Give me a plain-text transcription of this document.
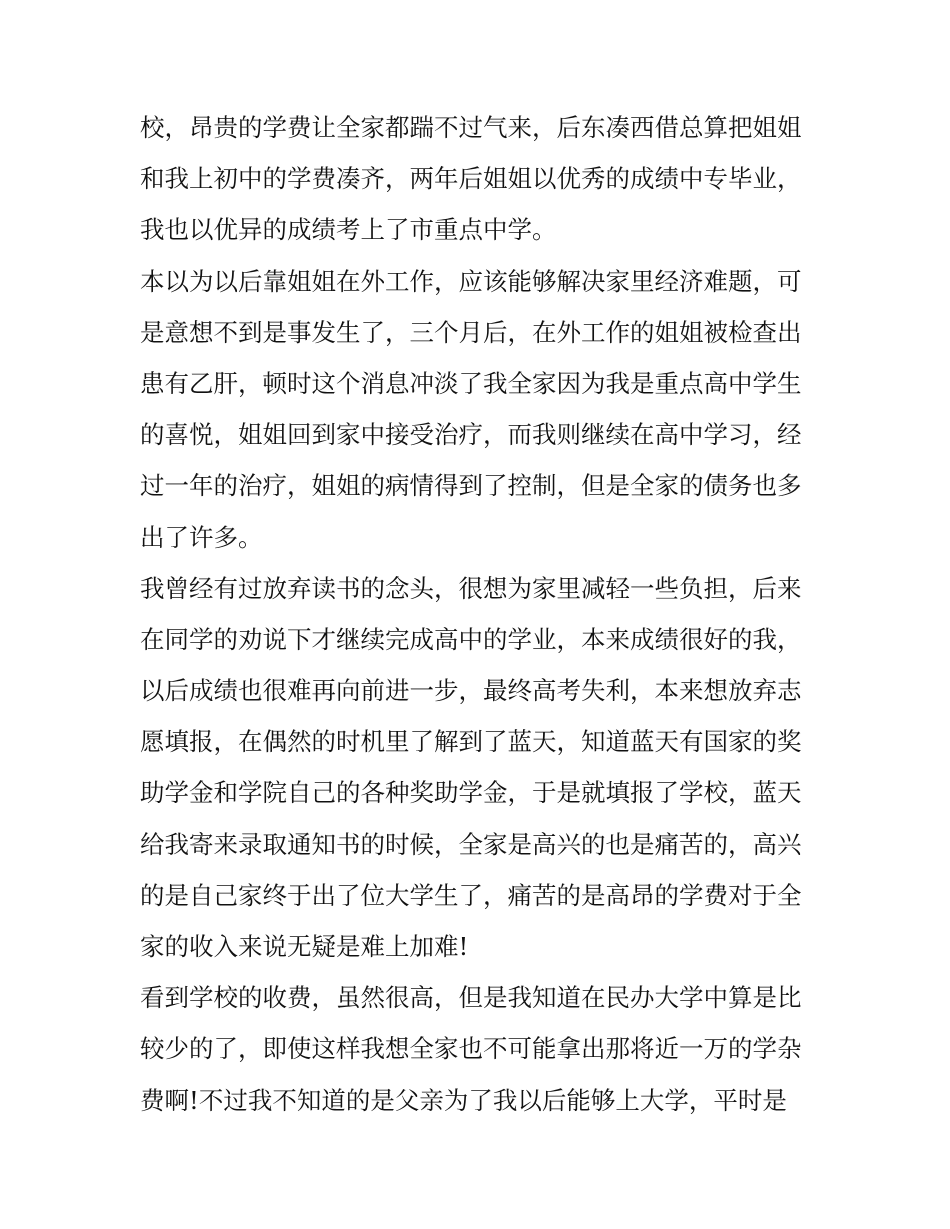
校，昂贵的学费让全家都踹不过气来，后东凑西借总算把姐姐
和我上初中的学费凑齐，两年后姐姐以优秀的成绩中专毕业，
我也以优异的成绩考上了市重点中学。
本以为以后靠姐姐在外工作，应该能够解决家里经济难题，可
是意想不到是事发生了，三个月后，在外工作的姐姐被检查出
患有乙肝，顿时这个消息冲淡了我全家因为我是重点高中学生
的喜悦，姐姐回到家中接受治疗，而我则继续在高中学习，经
过一年的治疗，姐姐的病情得到了控制，但是全家的债务也多
出了许多。
我曾经有过放弃读书的念头，很想为家里减轻一些负担，后来
在同学的劝说下才继续完成高中的学业，本来成绩很好的我，
以后成绩也很难再向前进一步，最终高考失利，本来想放弃志
愿填报，在偶然的时机里了解到了蓝天，知道蓝天有国家的奖
助学金和学院自己的各种奖助学金，于是就填报了学校，蓝天
给我寄来录取通知书的时候，全家是高兴的也是痛苦的，高兴
的是自己家终于出了位大学生了，痛苦的是高昂的学费对于全
家的收入来说无疑是难上加难!
看到学校的收费，虽然很高，但是我知道在民办大学中算是比
较少的了，即使这样我想全家也不可能拿出那将近一万的学杂
费啊!不过我不知道的是父亲为了我以后能够上大学，平时是
